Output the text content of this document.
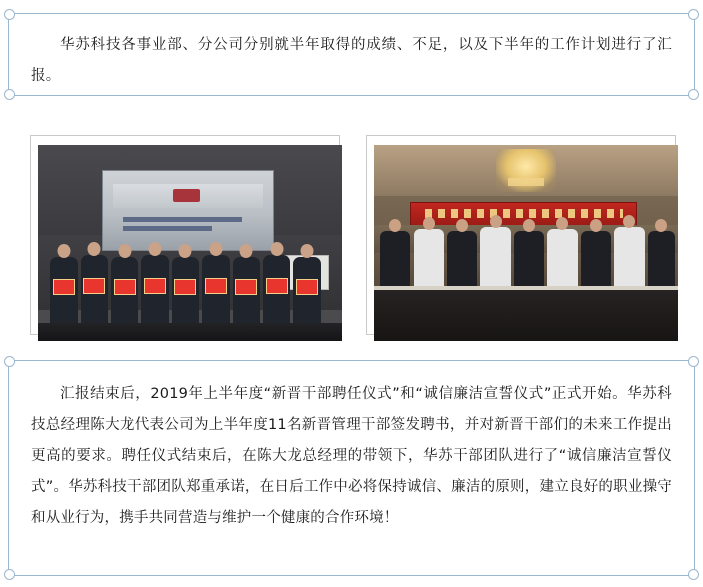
华苏科技各事业部、分公司分别就半年取得的成绩、不足，以及下半年的工作计划进行了汇报。

汇报结束后，2019年上半年度“新晋干部聘任仪式”和“诚信廉洁宣誓仪式”正式开始。华苏科技总经理陈大龙代表公司为上半年度11名新晋管理干部签发聘书，并对新晋干部们的未来工作提出更高的要求。聘任仪式结束后，在陈大龙总经理的带领下，华苏干部团队进行了“诚信廉洁宣誓仪式”。华苏科技干部团队郑重承诺，在日后工作中必将保持诚信、廉洁的原则，建立良好的职业操守和从业行为，携手共同营造与维护一个健康的合作环境！
